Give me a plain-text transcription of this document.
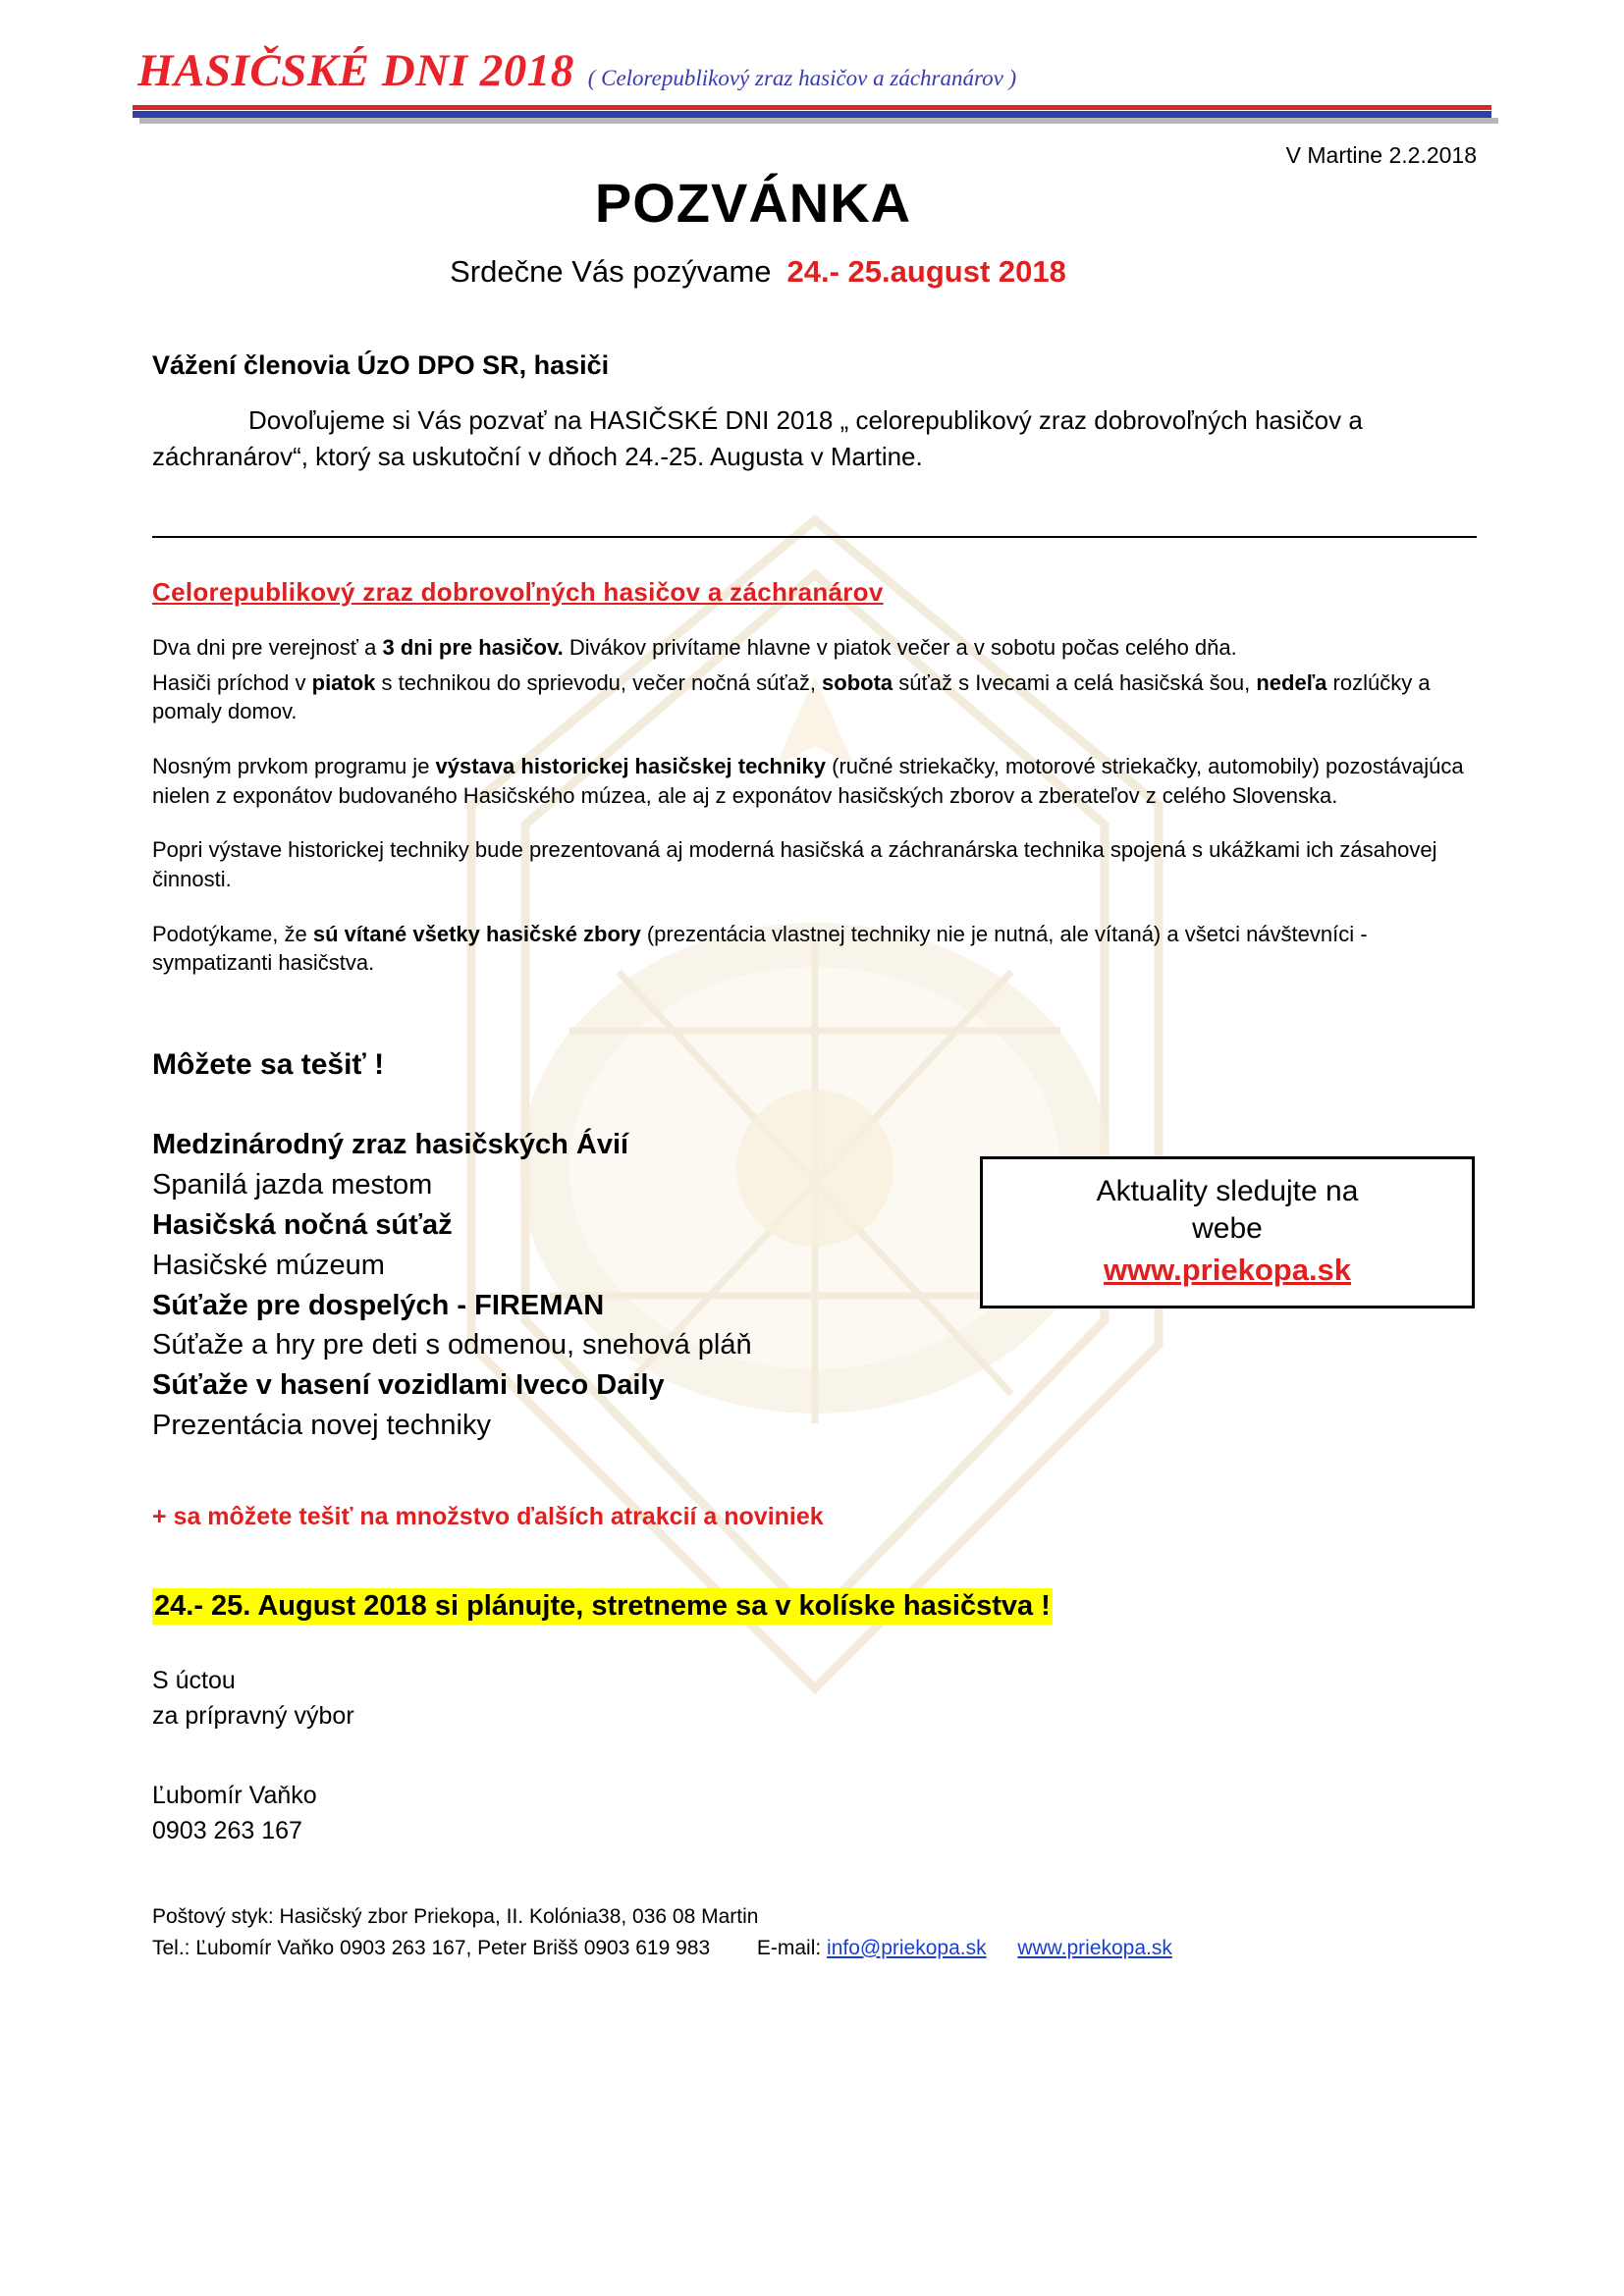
HASIČSKÉ DNI 2018 ( Celorepublikový zraz hasičov a záchranárov )
V Martine 2.2.2018
POZVÁNKA
Srdečne Vás pozývame 24.- 25.august 2018
Vážení členovia ÚzO DPO SR, hasiči
Dovoľujeme si Vás pozvať na HASIČSKÉ DNI 2018 „ celorepublikový zraz dobrovoľných hasičov a záchranárov“, ktorý sa uskutoční v dňoch 24.-25. Augusta v Martine.
Celorepublikový zraz dobrovoľných hasičov a záchranárov
Dva dni pre verejnosť a 3 dni pre hasičov. Divákov privítame hlavne v piatok večer a v sobotu počas celého dňa.
Hasiči príchod v piatok s technikou do sprievodu, večer nočná súťaž, sobota súťaž s Ivecami a celá hasičská šou, nedeľa rozlúčky a pomaly domov.
Nosným prvkom programu je výstava historickej hasičskej techniky (ručné striekačky, motorové striekačky, automobily) pozostávajúca nielen z exponátov budovaného Hasičského múzea, ale aj z exponátov hasičských zborov a zberateľov z celého Slovenska.
Popri výstave historickej techniky bude prezentovaná aj moderná hasičská a záchranárska technika spojená s ukážkami ich zásahovej činnosti.
Podotýkame, že sú vítané všetky hasičské zbory (prezentácia vlastnej techniky nie je nutná, ale vítaná) a všetci návštevníci - sympatizanti hasičstva.
Môžete sa tešiť !
Medzinárodný zraz hasičských Ávií
Spanilá jazda mestom
Hasičská nočná súťaž
Hasičské múzeum
Súťaže pre dospelých - FIREMAN
Súťaže a hry pre deti s odmenou, snehová pláň
Súťaže v hasení vozidlami Iveco Daily
Prezentácia novej techniky
+ sa môžete tešiť na množstvo ďalších atrakcií a noviniek
24.- 25. August 2018 si plánujte, stretneme sa v kolíske hasičstva !
S úctou
za prípravný výbor
Ľubomír Vaňko
0903 263 167
Poštový styk: Hasičský zbor Priekopa, II. Kolónia38, 036 08 Martin
Tel.: Ľubomír Vaňko 0903 263 167, Peter Brišš 0903 619 983 E-mail: info@priekopa.sk www.priekopa.sk
Aktuality sledujte na
webe
www.priekopa.sk
